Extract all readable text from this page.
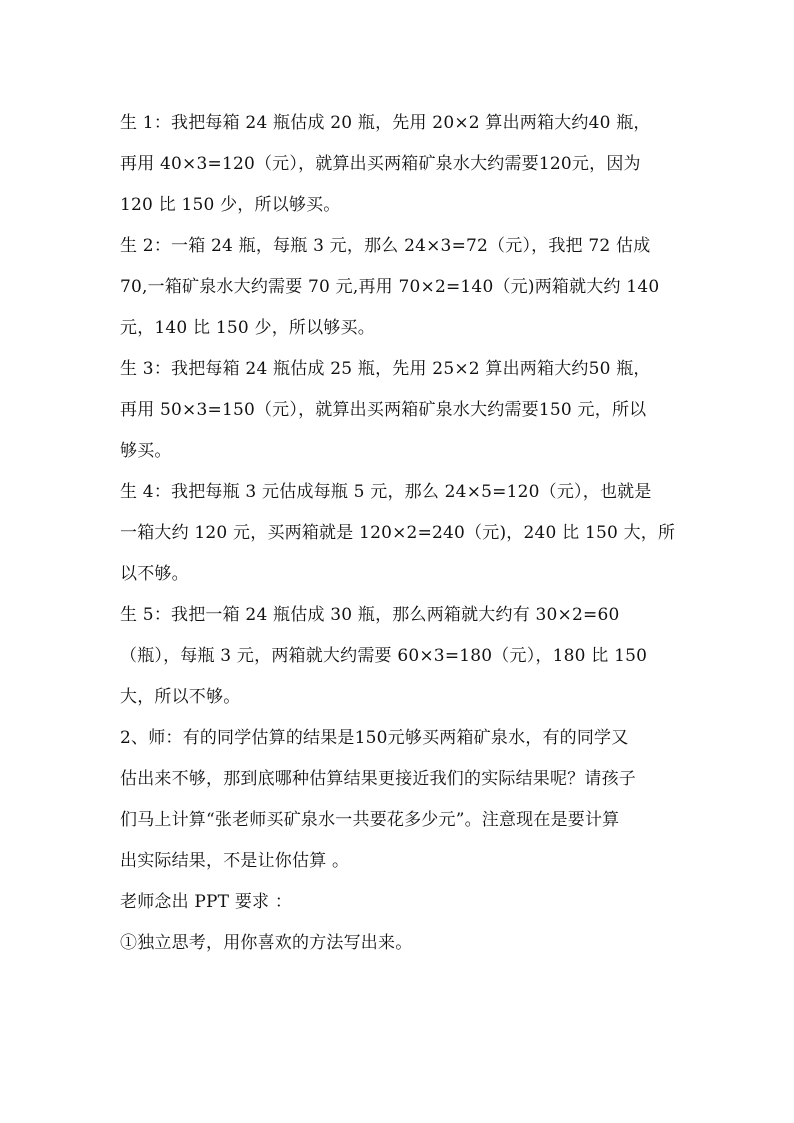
生 1：我把每箱 24 瓶估成 20 瓶，先用 20×2 算出两箱大约40 瓶，
再用 40×3=120（元），就算出买两箱矿泉水大约需要120元，因为
120 比 150 少，所以够买。
生 2：一箱 24 瓶，每瓶 3 元，那么 24×3=72（元），我把 72 估成
70,一箱矿泉水大约需要 70 元,再用 70×2=140（元)两箱就大约 140
元，140 比 150 少，所以够买。
生 3：我把每箱 24 瓶估成 25 瓶，先用 25×2 算出两箱大约50 瓶，
再用 50×3=150（元），就算出买两箱矿泉水大约需要150 元，所以
够买。
生 4：我把每瓶 3 元估成每瓶 5 元，那么 24×5=120（元），也就是
一箱大约 120 元，买两箱就是 120×2=240（元)，240 比 150 大，所
以不够。
生 5：我把一箱 24 瓶估成 30 瓶，那么两箱就大约有 30×2=60
（瓶），每瓶 3 元，两箱就大约需要 60×3=180（元），180 比 150
大，所以不够。
2、师：有的同学估算的结果是150元够买两箱矿泉水，有的同学又
估出来不够，那到底哪种估算结果更接近我们的实际结果呢？请孩子
们马上计算“张老师买矿泉水一共要花多少元”。注意现在是要计算
出实际结果，不是让你估算 。
老师念出 PPT 要求 ：
①独立思考，用你喜欢的方法写出来。
